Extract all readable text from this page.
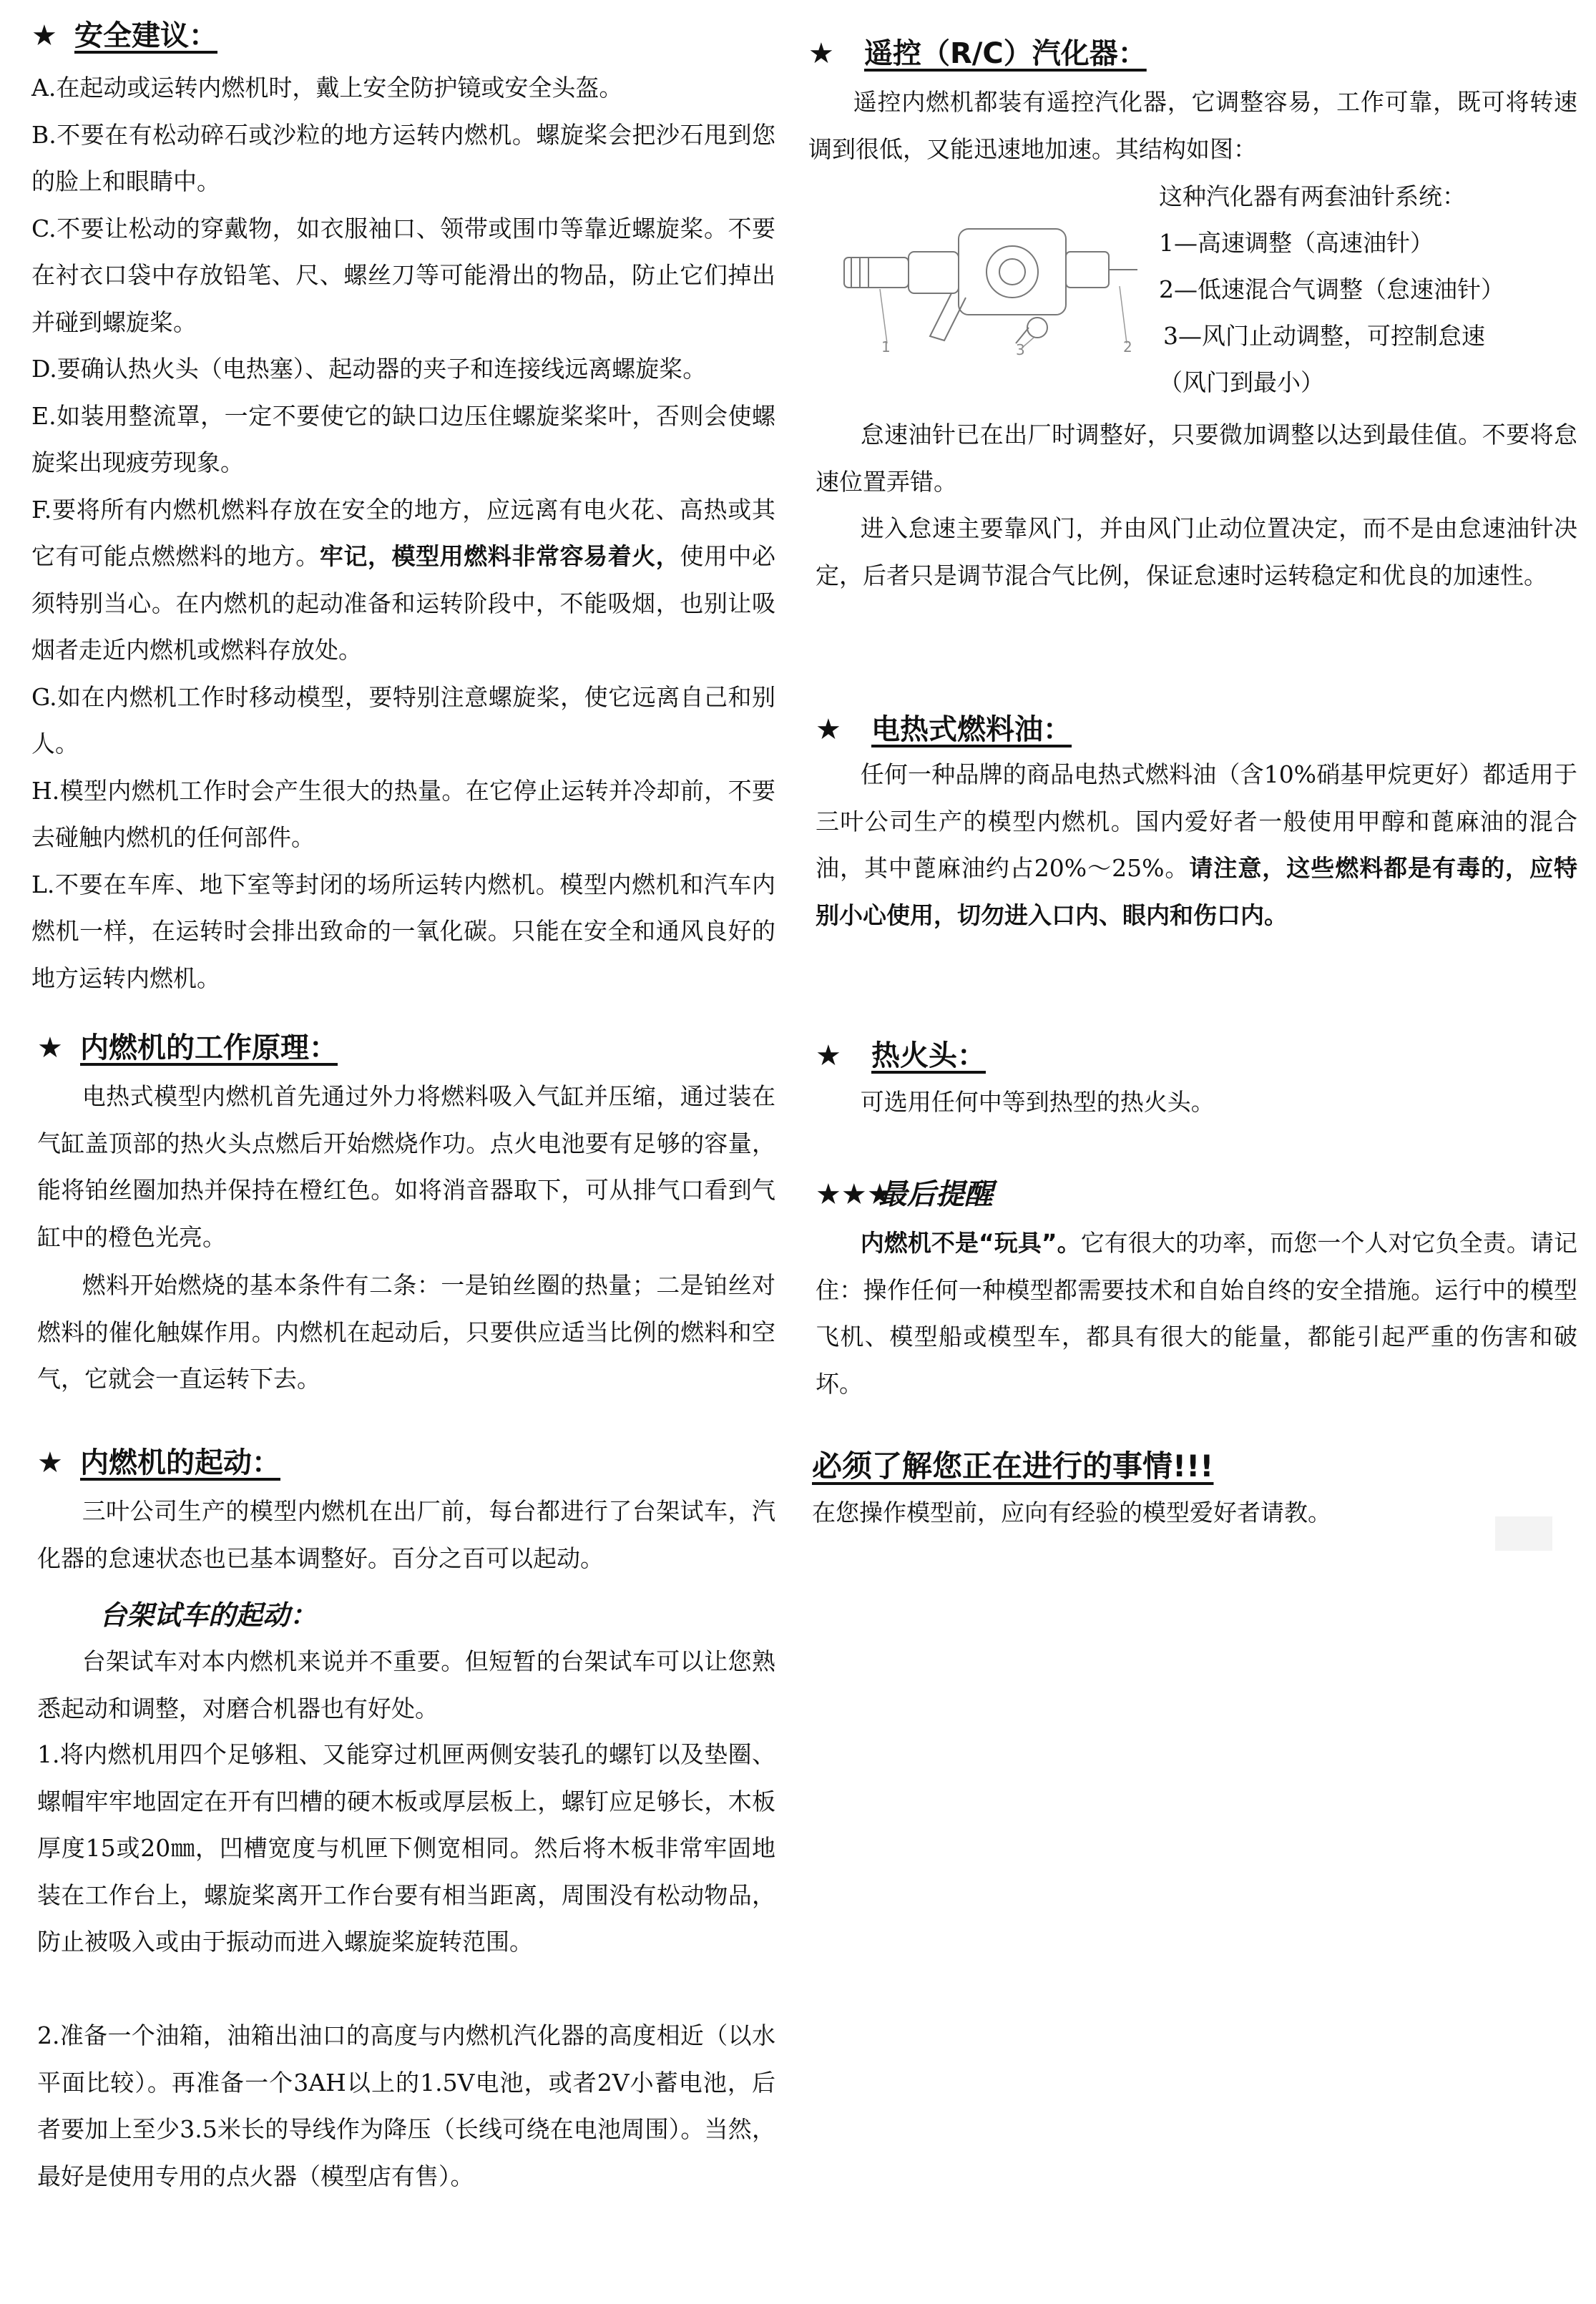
★ 安全建议：
A.在起动或运转内燃机时，戴上安全防护镜或安全头盔。
B.不要在有松动碎石或沙粒的地方运转内燃机。螺旋桨会把沙石甩到您的脸上和眼睛中。
C.不要让松动的穿戴物，如衣服袖口、领带或围巾等靠近螺旋桨。不要在衬衣口袋中存放铅笔、尺、螺丝刀等可能滑出的物品，防止它们掉出并碰到螺旋桨。
D.要确认热火头（电热塞）、起动器的夹子和连接线远离螺旋桨。
E.如装用整流罩，一定不要使它的缺口边压住螺旋桨桨叶，否则会使螺旋桨出现疲劳现象。
F.要将所有内燃机燃料存放在安全的地方，应远离有电火花、高热或其它有可能点燃燃料的地方。牢记，模型用燃料非常容易着火，使用中必须特别当心。在内燃机的起动准备和运转阶段中，不能吸烟，也别让吸烟者走近内燃机或燃料存放处。
G.如在内燃机工作时移动模型，要特别注意螺旋桨，使它远离自己和别人。
H.模型内燃机工作时会产生很大的热量。在它停止运转并冷却前，不要去碰触内燃机的任何部件。
L.不要在车库、地下室等封闭的场所运转内燃机。模型内燃机和汽车内燃机一样，在运转时会排出致命的一氧化碳。只能在安全和通风良好的地方运转内燃机。
★ 内燃机的工作原理：
电热式模型内燃机首先通过外力将燃料吸入气缸并压缩，通过装在气缸盖顶部的热火头点燃后开始燃烧作功。点火电池要有足够的容量，能将铂丝圈加热并保持在橙红色。如将消音器取下，可从排气口看到气缸中的橙色光亮。
燃料开始燃烧的基本条件有二条：一是铂丝圈的热量；二是铂丝对燃料的催化触媒作用。内燃机在起动后，只要供应适当比例的燃料和空气，它就会一直运转下去。
★ 内燃机的起动：
三叶公司生产的模型内燃机在出厂前，每台都进行了台架试车，汽化器的怠速状态也已基本调整好。百分之百可以起动。
台架试车的起动：
台架试车对本内燃机来说并不重要。但短暂的台架试车可以让您熟悉起动和调整，对磨合机器也有好处。
1.将内燃机用四个足够粗、又能穿过机匣两侧安装孔的螺钉以及垫圈、螺帽牢牢地固定在开有凹槽的硬木板或厚层板上，螺钉应足够长，木板厚度15或20㎜，凹槽宽度与机匣下侧宽相同。然后将木板非常牢固地装在工作台上，螺旋桨离开工作台要有相当距离，周围没有松动物品，防止被吸入或由于振动而进入螺旋桨旋转范围。
2.准备一个油箱，油箱出油口的高度与内燃机汽化器的高度相近（以水平面比较）。再准备一个3AH以上的1.5V电池，或者2V小蓄电池，后者要加上至少3.5米长的导线作为降压（长线可绕在电池周围）。当然，最好是使用专用的点火器（模型店有售）。
★ 遥控（R/C）汽化器：
遥控内燃机都装有遥控汽化器，它调整容易，工作可靠，既可将转速调到很低，又能迅速地加速。其结构如图：
1	3	2
这种汽化器有两套油针系统：
1—高速调整（高速油针）
2—低速混合气调整（怠速油针）
3—风门止动调整，可控制怠速
（风门到最小）
怠速油针已在出厂时调整好，只要微加调整以达到最佳值。不要将怠速位置弄错。
进入怠速主要靠风门，并由风门止动位置决定，而不是由怠速油针决定，后者只是调节混合气比例，保证怠速时运转稳定和优良的加速性。
★ 电热式燃料油：
任何一种品牌的商品电热式燃料油（含10%硝基甲烷更好）都适用于三叶公司生产的模型内燃机。国内爱好者一般使用甲醇和蓖麻油的混合油，其中蓖麻油约占20%～25%。请注意，这些燃料都是有毒的，应特别小心使用，切勿进入口内、眼内和伤口内。
★ 热火头：
可选用任何中等到热型的热火头。
★★★最后提醒
内燃机不是“玩具”。它有很大的功率，而您一个人对它负全责。请记住：操作任何一种模型都需要技术和自始自终的安全措施。运行中的模型飞机、模型船或模型车，都具有很大的能量，都能引起严重的伤害和破坏。
必须了解您正在进行的事情!!!
在您操作模型前，应向有经验的模型爱好者请教。
